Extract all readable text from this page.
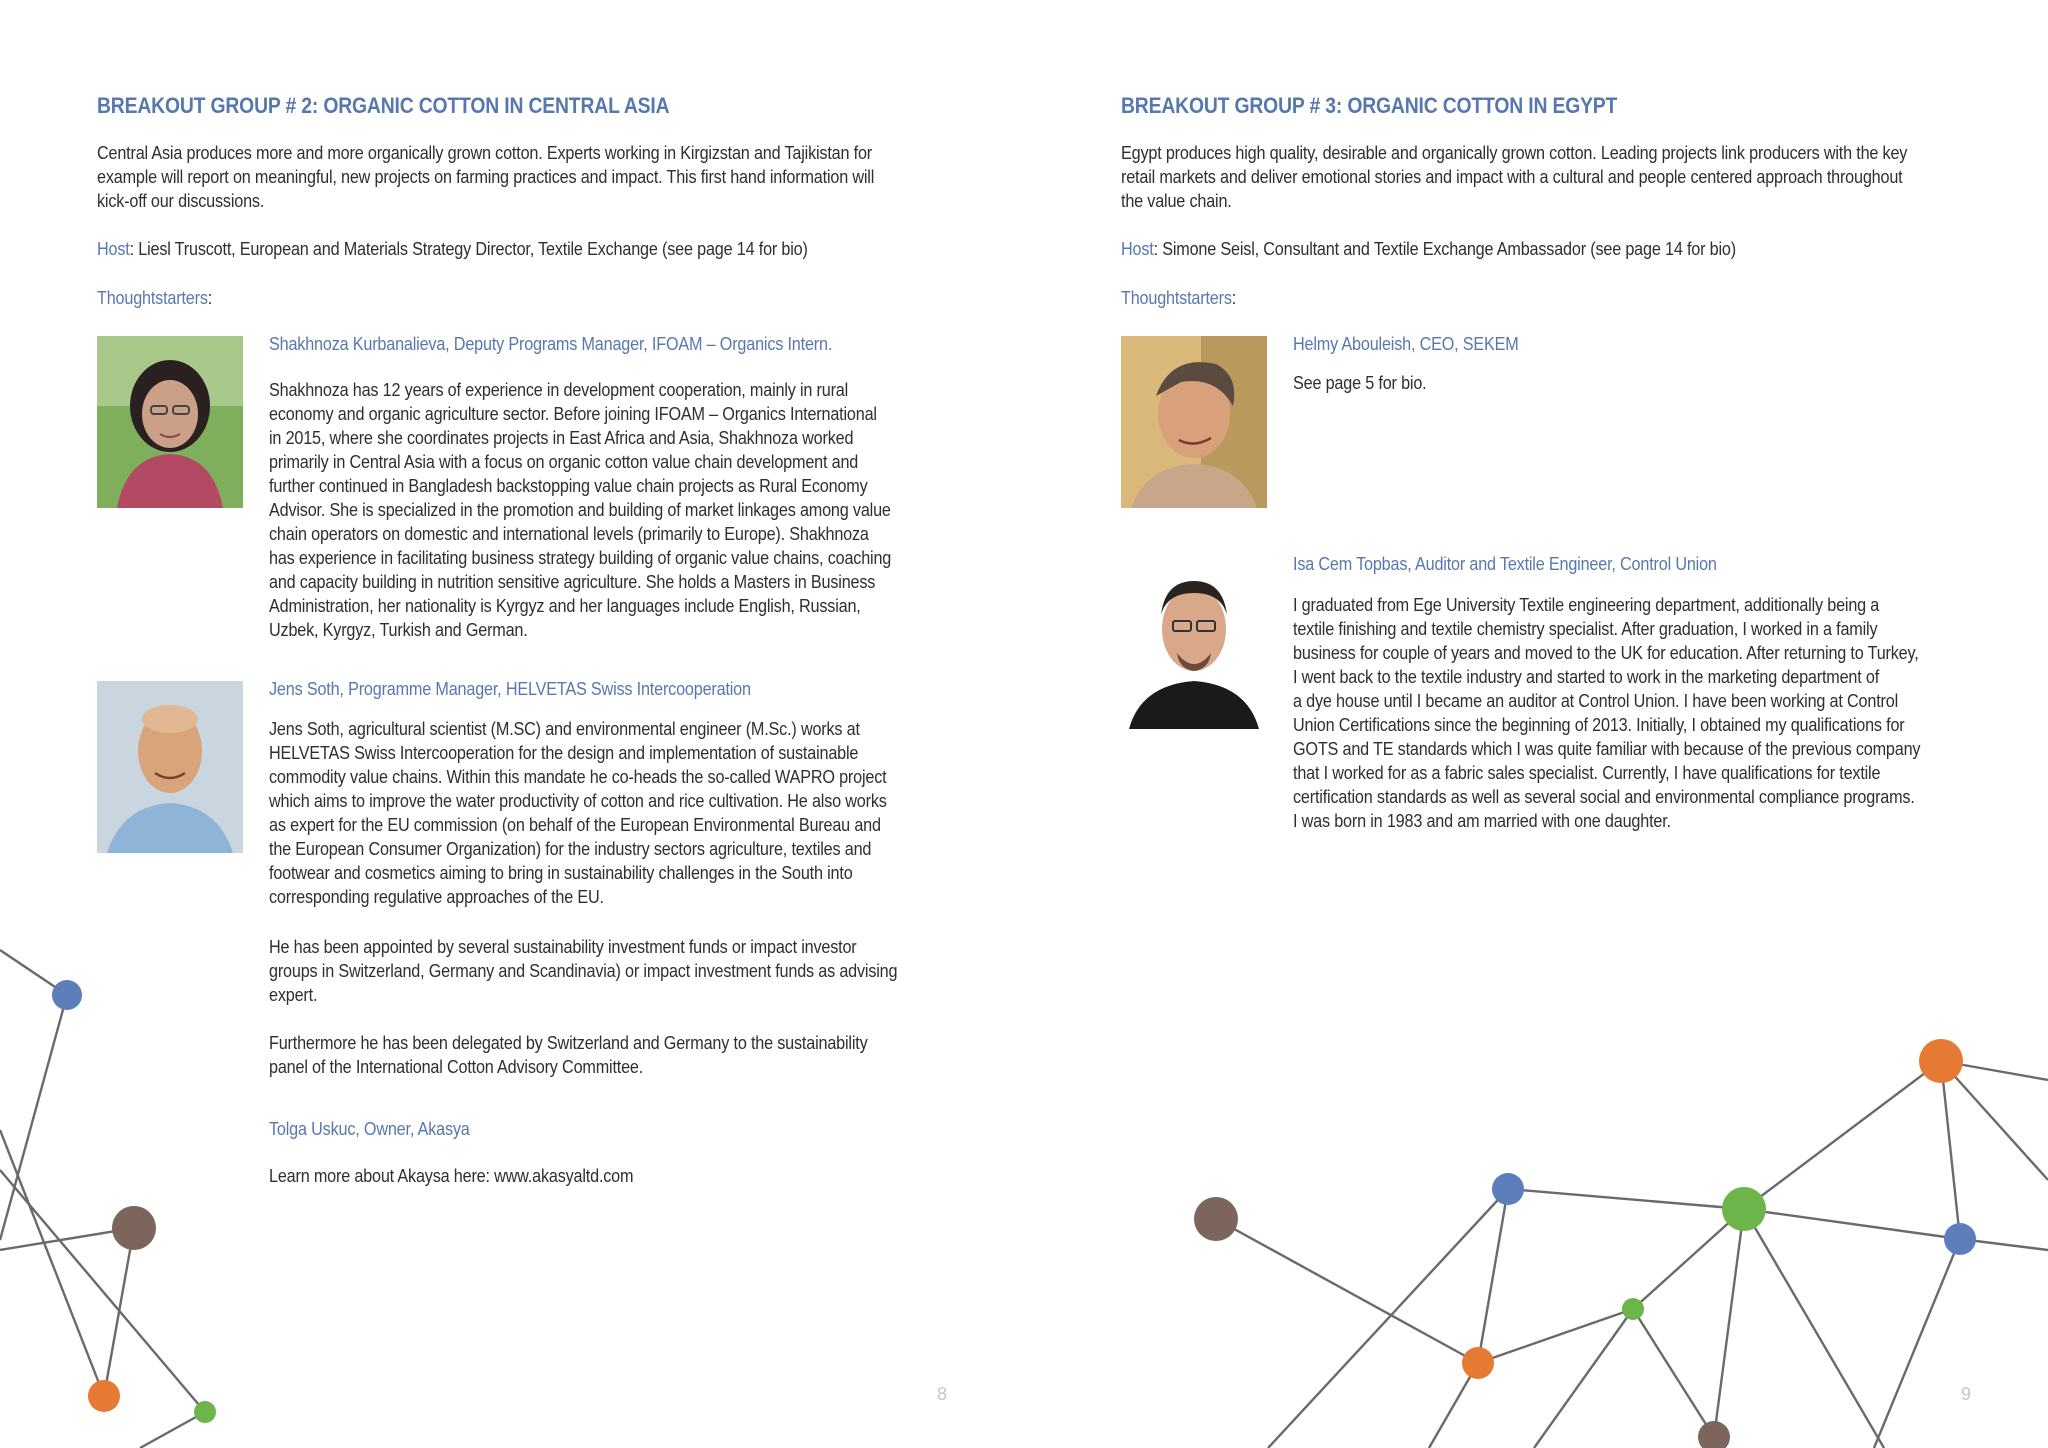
BREAKOUT GROUP # 2: ORGANIC COTTON IN CENTRAL ASIA

Central Asia produces more and more organically grown cotton. Experts working in Kirgizstan and Tajikistan for
example will report on meaningful, new projects on farming practices and impact. This first hand information will
kick-off our discussions.

Host: Liesl Truscott, European and Materials Strategy Director, Textile Exchange (see page 14 for bio)

Thoughtstarters:

Shakhnoza Kurbanalieva, Deputy Programs Manager, IFOAM – Organics Intern.

Shakhnoza has 12 years of experience in development cooperation, mainly in rural
economy and organic agriculture sector. Before joining IFOAM – Organics International
in 2015, where she coordinates projects in East Africa and Asia, Shakhnoza worked
primarily in Central Asia with a focus on organic cotton value chain development and
further continued in Bangladesh backstopping value chain projects as Rural Economy
Advisor. She is specialized in the promotion and building of market linkages among value
chain operators on domestic and international levels (primarily to Europe). Shakhnoza
has experience in facilitating business strategy building of organic value chains, coaching
and capacity building in nutrition sensitive agriculture. She holds a Masters in Business
Administration, her nationality is Kyrgyz and her languages include English, Russian,
Uzbek, Kyrgyz, Turkish and German.

Jens Soth, Programme Manager, HELVETAS Swiss Intercooperation

Jens Soth, agricultural scientist (M.SC) and environmental engineer (M.Sc.) works at
HELVETAS Swiss Intercooperation for the design and implementation of sustainable
commodity value chains. Within this mandate he co-heads the so-called WAPRO project
which aims to improve the water productivity of cotton and rice cultivation. He also works
as expert for the EU commission (on behalf of the European Environmental Bureau and
the European Consumer Organization) for the industry sectors agriculture, textiles and
footwear and cosmetics aiming to bring in sustainability challenges in the South into
corresponding regulative approaches of the EU.

He has been appointed by several sustainability investment funds or impact investor
groups in Switzerland, Germany and Scandinavia) or impact investment funds as advising
expert.

Furthermore he has been delegated by Switzerland and Germany to the sustainability
panel of the International Cotton Advisory Committee.

Tolga Uskuc, Owner, Akasya

Learn more about Akaysa here: www.akasyaltd.com

8
BREAKOUT GROUP # 3: ORGANIC COTTON IN EGYPT

Egypt produces high quality, desirable and organically grown cotton. Leading projects link producers with the key
retail markets and deliver emotional stories and impact with a cultural and people centered approach throughout
the value chain.

Host: Simone Seisl, Consultant and Textile Exchange Ambassador (see page 14 for bio)

Thoughtstarters:

Helmy Abouleish, CEO, SEKEM

See page 5 for bio.

Isa Cem Topbas, Auditor and Textile Engineer, Control Union

I graduated from Ege University Textile engineering department, additionally being a
textile finishing and textile chemistry specialist. After graduation, I worked in a family
business for couple of years and moved to the UK for education. After returning to Turkey,
I went back to the textile industry and started to work in the marketing department of
a dye house until I became an auditor at Control Union. I have been working at Control
Union Certifications since the beginning of 2013. Initially, I obtained my qualifications for
GOTS and TE standards which I was quite familiar with because of the previous company
that I worked for as a fabric sales specialist. Currently, I have qualifications for textile
certification standards as well as several social and environmental compliance programs.
I was born in 1983 and am married with one daughter.

9
